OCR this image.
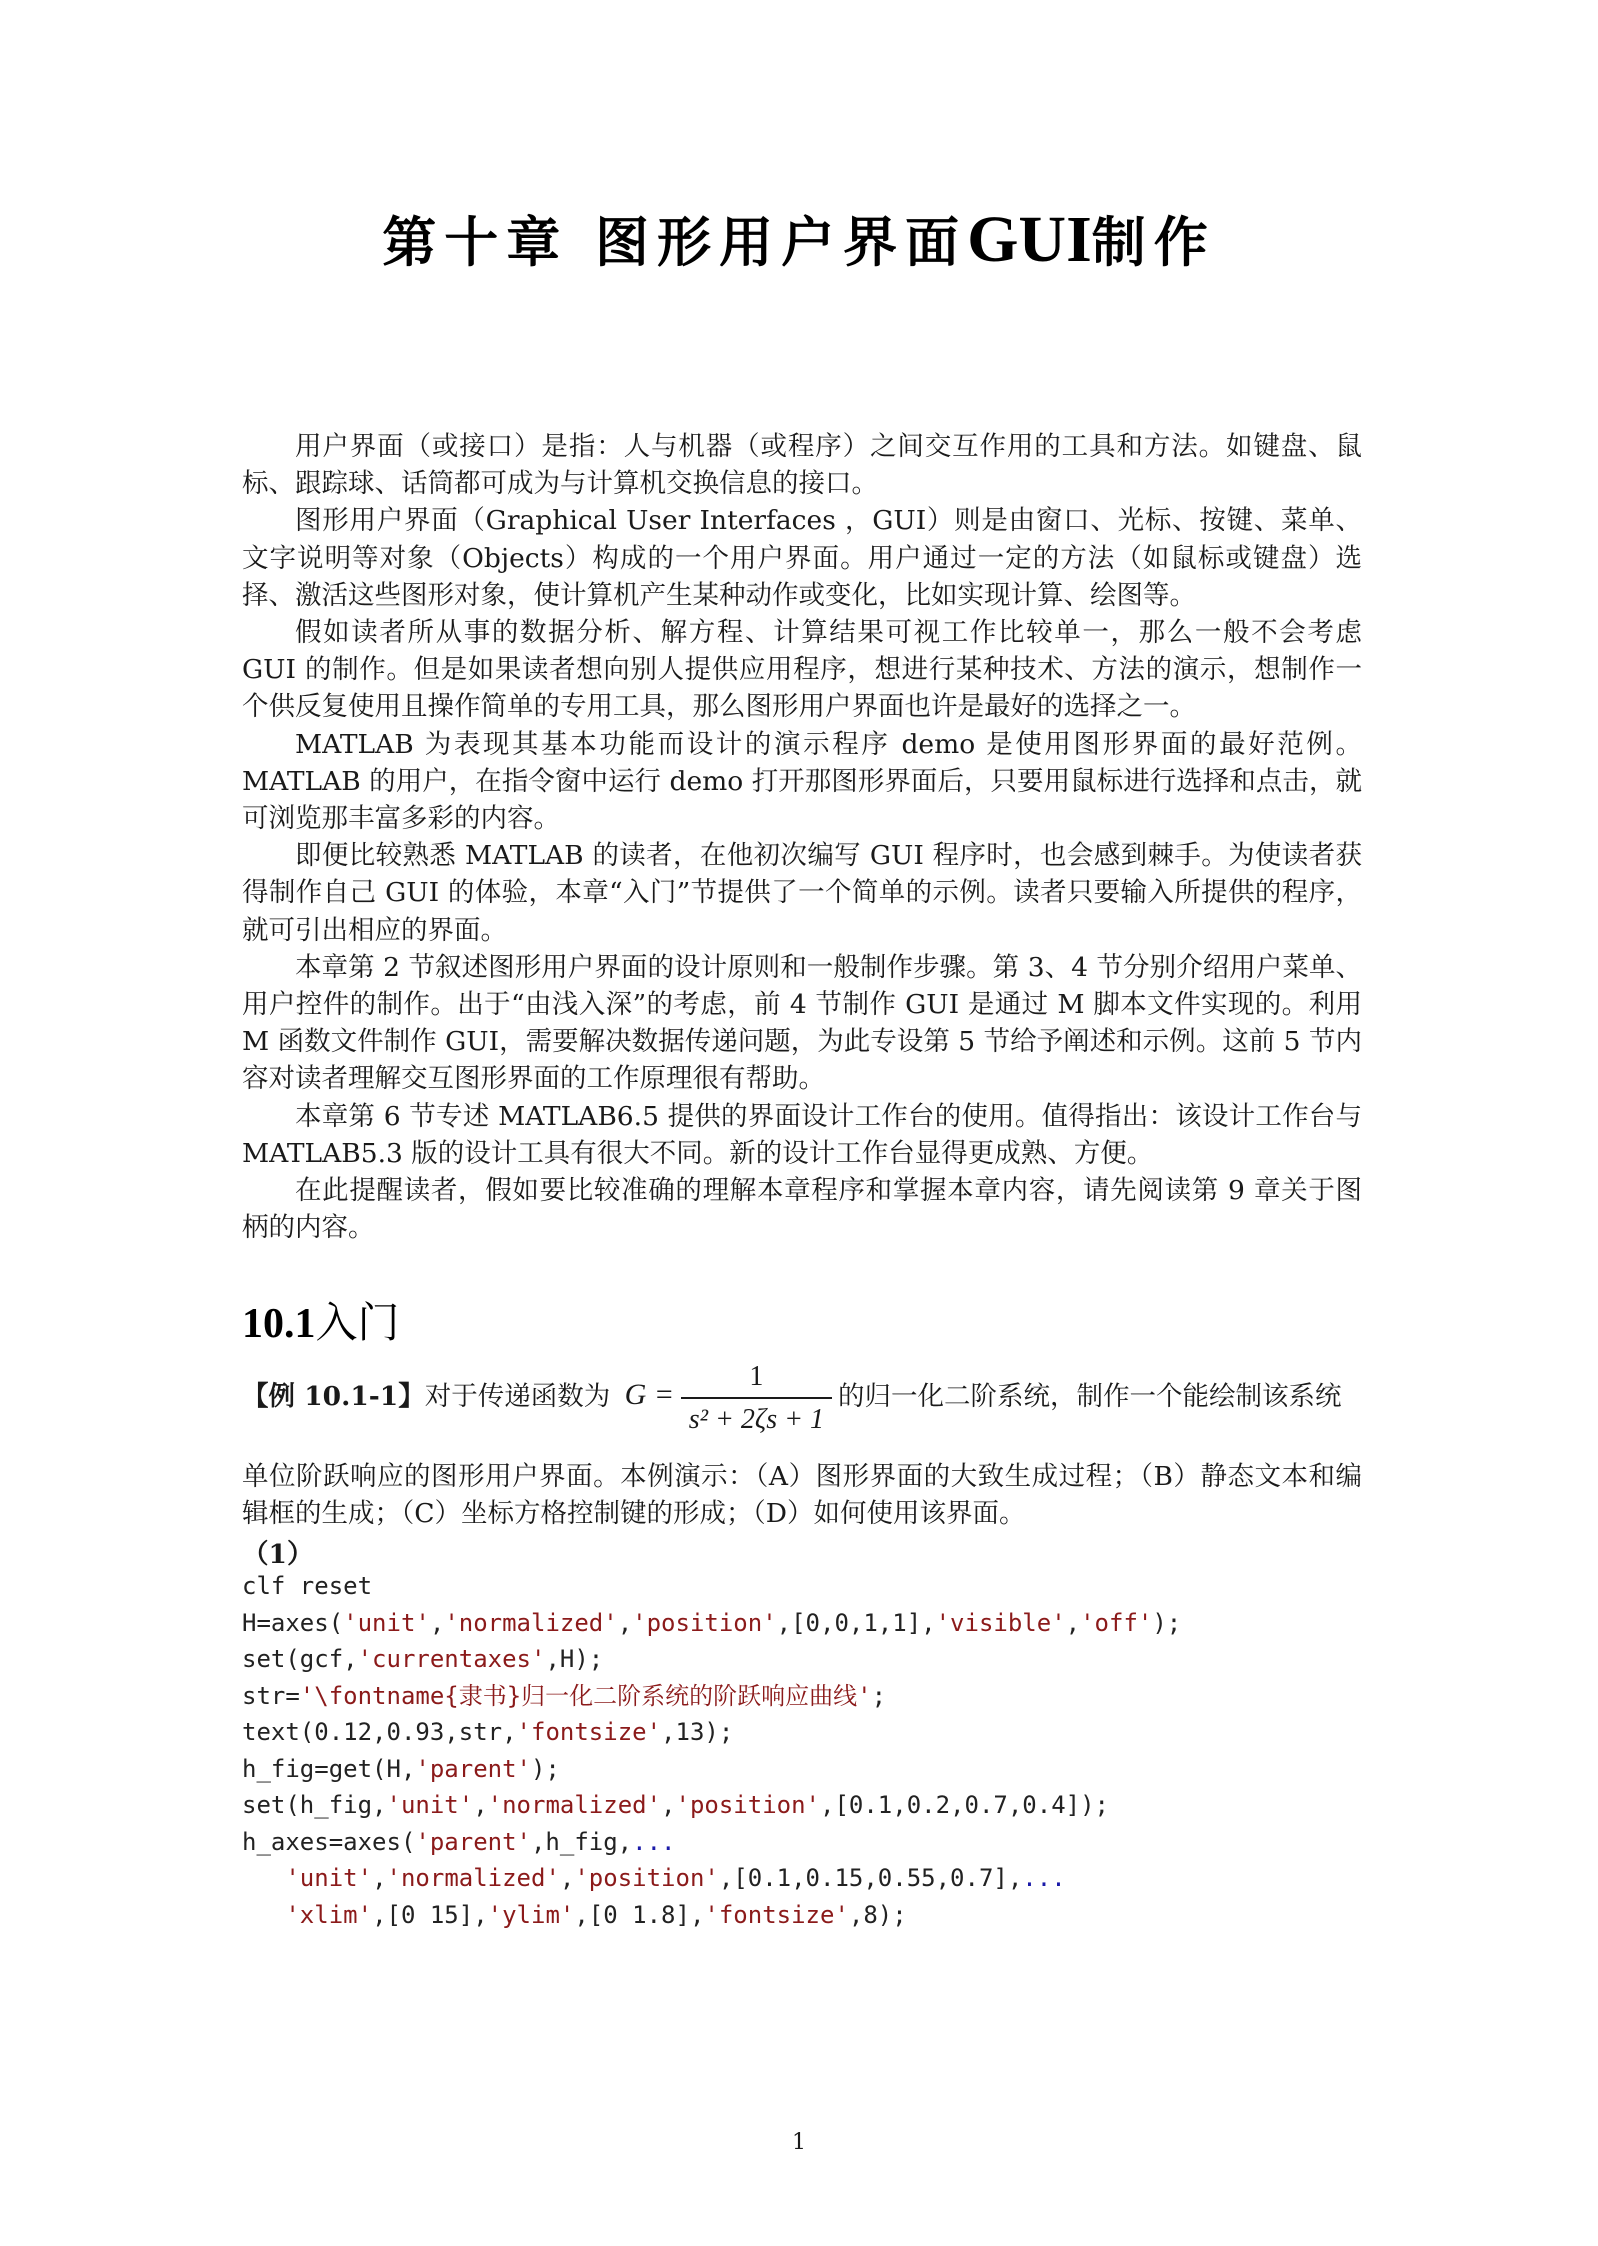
第十章 图形用户界面GUI制作

用户界面（或接口）是指：人与机器（或程序）之间交互作用的工具和方法。如键盘、鼠标、跟踪球、话筒都可成为与计算机交换信息的接口。

图形用户界面（Graphical User Interfaces ，GUI）则是由窗口、光标、按键、菜单、文字说明等对象（Objects）构成的一个用户界面。用户通过一定的方法（如鼠标或键盘）选择、激活这些图形对象，使计算机产生某种动作或变化，比如实现计算、绘图等。

假如读者所从事的数据分析、解方程、计算结果可视工作比较单一，那么一般不会考虑 GUI 的制作。但是如果读者想向别人提供应用程序，想进行某种技术、方法的演示，想制作一个供反复使用且操作简单的专用工具，那么图形用户界面也许是最好的选择之一。

MATLAB 为表现其基本功能而设计的演示程序 demo 是使用图形界面的最好范例。MATLAB 的用户，在指令窗中运行 demo 打开那图形界面后，只要用鼠标进行选择和点击，就可浏览那丰富多彩的内容。

即便比较熟悉 MATLAB 的读者，在他初次编写 GUI 程序时，也会感到棘手。为使读者获得制作自己 GUI 的体验，本章“入门”节提供了一个简单的示例。读者只要输入所提供的程序，就可引出相应的界面。

本章第 2 节叙述图形用户界面的设计原则和一般制作步骤。第 3、4 节分别介绍用户菜单、用户控件的制作。出于“由浅入深”的考虑，前 4 节制作 GUI 是通过 M 脚本文件实现的。利用 M 函数文件制作 GUI，需要解决数据传递问题，为此专设第 5 节给予阐述和示例。这前 5 节内容对读者理解交互图形界面的工作原理很有帮助。

本章第 6 节专述 MATLAB6.5 提供的界面设计工作台的使用。值得指出：该设计工作台与 MATLAB5.3 版的设计工具有很大不同。新的设计工作台显得更成熟、方便。

在此提醒读者，假如要比较准确的理解本章程序和掌握本章内容，请先阅读第 9 章关于图柄的内容。

10.1入门
【例 10.1-1】对于传递函数为 $G = \frac{1}{\text{s² + 2ζs + 1}}$ 的归一化二阶系统，制作一个能绘制该系统
单位阶跃响应的图形用户界面。本例演示：（A）图形界面的大致生成过程；（B）静态文本和编辑框的生成；（C）坐标方格控制键的形成；（D）如何使用该界面。
（1）
clf reset
H=axes('unit','normalized','position',[0,0,1,1],'visible','off');
set(gcf,'currentaxes',H);
str='\fontname{隶书}归一化二阶系统的阶跃响应曲线';
text(0.12,0.93,str,'fontsize',13);
h_fig=get(H,'parent');
set(h_fig,'unit','normalized','position',[0.1,0.2,0.7,0.4]);
h_axes=axes('parent',h_fig,...
'unit','normalized','position',[0.1,0.15,0.55,0.7],...
'xlim',[0 15],'ylim',[0 1.8],'fontsize',8);
1
